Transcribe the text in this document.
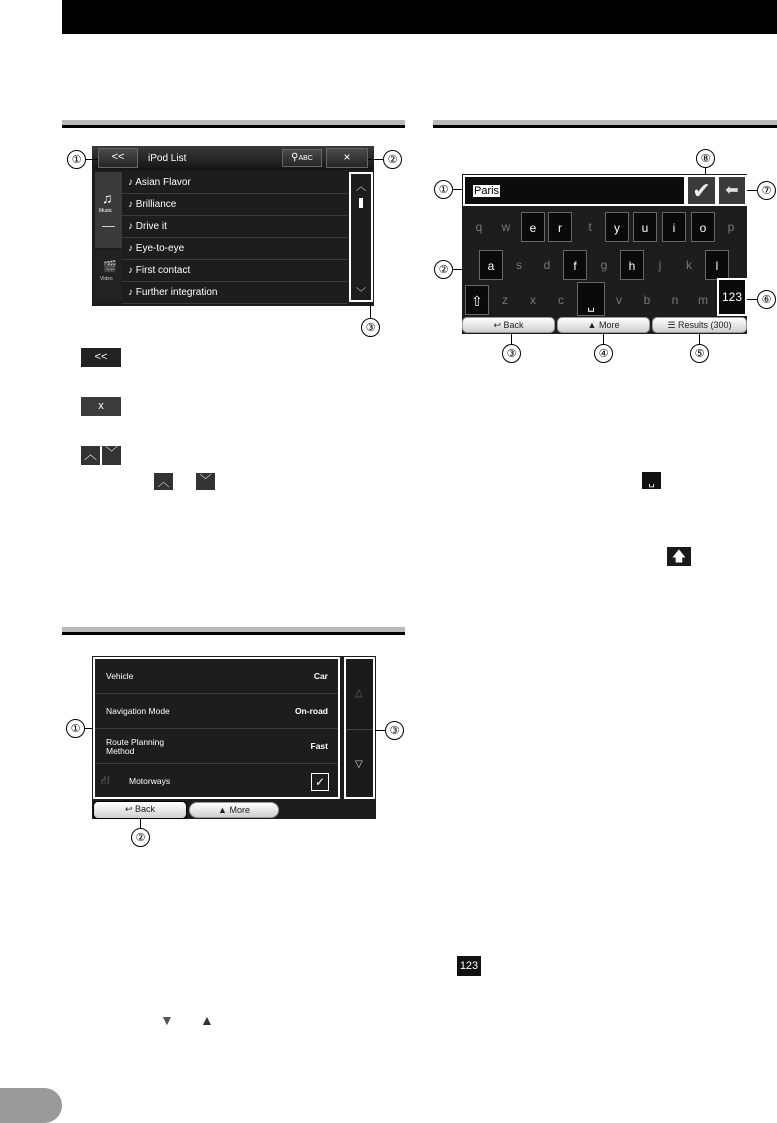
<<	iPod List	⚲ABC	×
♫
Music
🎬
Video
♪ Asian Flavor
♪ Brilliance
♪ Drive it
♪ Eye-to-eye
♪ First contact
♪ Further integration
︿
﹀
①	②
③
<<
x
︿ ﹀
︿ ﹀
Paris	✔ ⬅
q	w	e	r	t	y	u	i	o	p
a	s	d	f	g	h	j	k	l
⇧	z	x	c	␣	v	b	n	m	123
↩ Back	▲ More	☰ Results (300)
①
②
③	④	⑤
⑥
⑦
⑧
␣
🡅
123
Vehicle	Car
Navigation Mode	On-road
Route Planning
Method	Fast
⛙ Motorways	✓
△
▽
↩ Back	▲ More
①	③
②
▼ ▲
